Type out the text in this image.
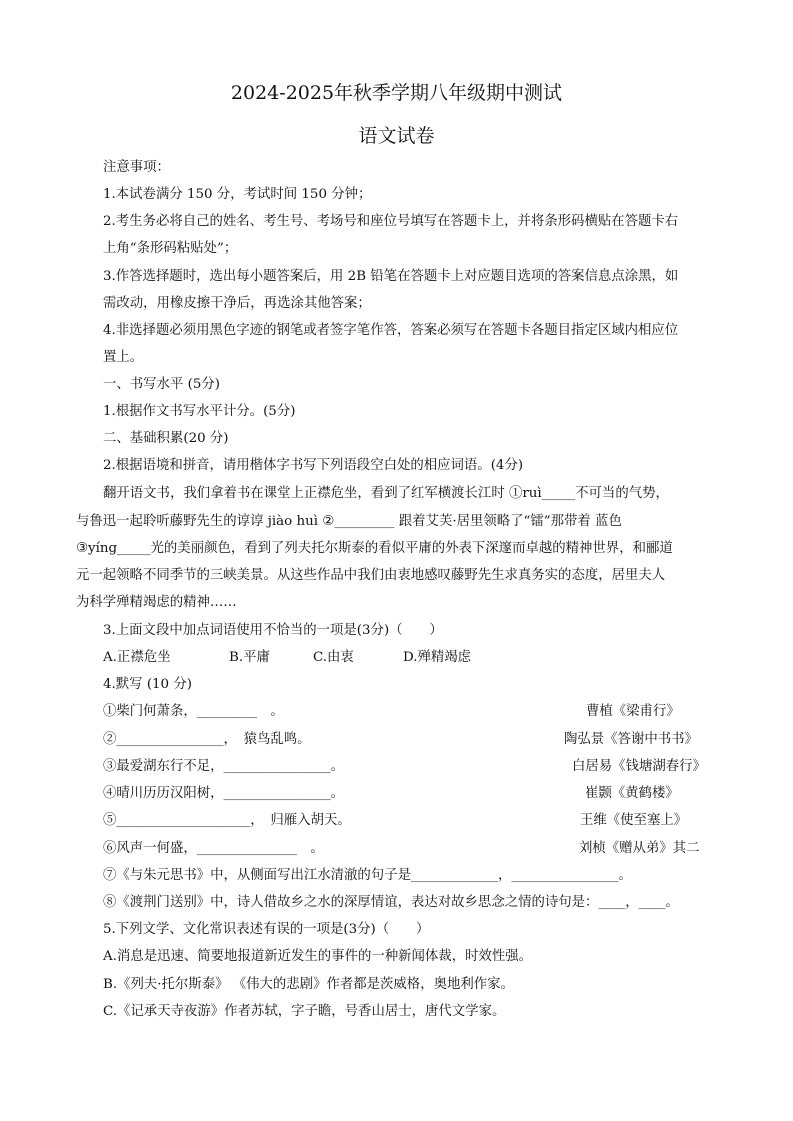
2024-2025年秋季学期八年级期中测试
语文试卷
注意事项：
1.本试卷满分 150 分，考试时间 150 分钟；
2.考生务必将自己的姓名、考生号、考场号和座位号填写在答题卡上，并将条形码横贴在答题卡右
上角“条形码粘贴处”；
3.作答选择题时，选出每小题答案后，用 2B 铅笔在答题卡上对应题目选项的答案信息点涂黑，如
需改动，用橡皮擦干净后，再选涂其他答案；
4.非选择题必须用黑色字迹的钢笔或者签字笔作答，答案必须写在答题卡各题目指定区域内相应位
置上。
一、书写水平 (5分)
1.根据作文书写水平计分。(5分)
二、基础积累(20 分)
2.根据语境和拼音，请用楷体字书写下列语段空白处的相应词语。(4分)
翻开语文书，我们拿着书在课堂上正襟危坐，看到了红军横渡长江时 ①ruì_____不可当的气势，
与鲁迅一起聆听藤野先生的谆谆 jiào huì ②_________ 跟着艾芙·居里领略了“镭”那带着 蓝色
③yíng_____光的美丽颜色，看到了列夫托尔斯泰的看似平庸的外表下深邃而卓越的精神世界，和郦道
元一起领略不同季节的三峡美景。从这些作品中我们由衷地感叹藤野先生求真务实的态度，居里夫人
为科学殚精竭虑的精神……
3.上面文段中加点词语使用不恰当的一项是(3分)（　　）
A.正襟危坐	B.平庸	C.由衷	D.殚精竭虑
4.默写 (10 分)
①柴门何萧条，_________　。	曹植《梁甫行》
②________________，　猿鸟乱鸣。	陶弘景《答谢中书书》
③最爱湖东行不足，________________。	白居易《钱塘湖春行》
④晴川历历汉阳树，________________。	崔颢《黄鹤楼》
⑤____________________，　归雁入胡天。	王维《使至塞上》
⑥风声一何盛，_______________　。	刘桢《赠从弟》其二
⑦《与朱元思书》中，从侧面写出江水清澈的句子是_____________，________________。
⑧《渡荆门送别》中，诗人借故乡之水的深厚情谊，表达对故乡思念之情的诗句是：____，____。
5.下列文学、文化常识表述有误的一项是(3分)（　　）
A.消息是迅速、简要地报道新近发生的事件的一种新闻体裁，时效性强。
B.《列夫·托尔斯泰》 《伟大的悲剧》作者都是茨威格，奥地利作家。
C.《记承天寺夜游》作者苏轼，字子瞻，号香山居士，唐代文学家。
